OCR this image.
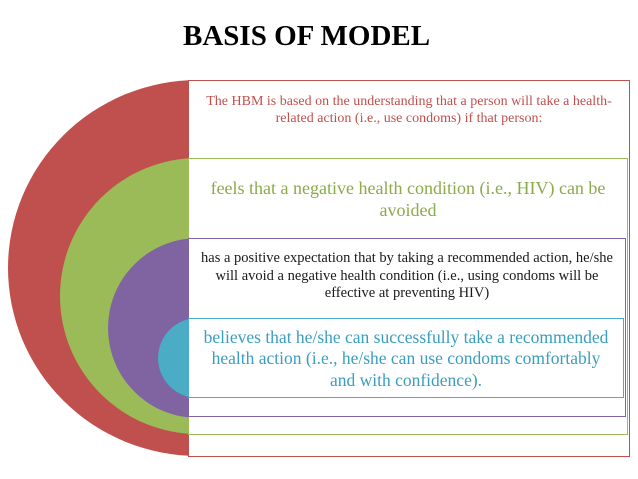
BASIS OF MODEL
The HBM is based on the understanding that a person will take a health-related action (i.e., use condoms) if that person:
feels that a negative health condition (i.e., HIV) can be avoided
has a positive expectation that by taking a recommended action, he/she will avoid a negative health condition (i.e., using condoms will be effective at preventing HIV)
believes that he/she can successfully take a recommended health action (i.e., he/she can use condoms comfortably and with confidence).
